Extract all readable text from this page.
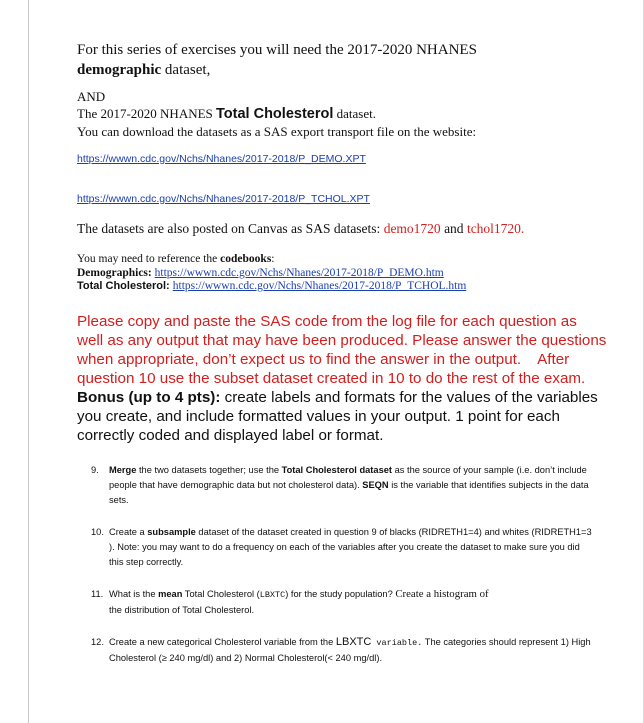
For this series of exercises you will need the 2017-2020 NHANES
demographic dataset,
AND
The 2017-2020 NHANES Total Cholesterol dataset.
You can download the datasets as a SAS export transport file on the website:
https://wwwn.cdc.gov/Nchs/Nhanes/2017-2018/P_DEMO.XPT
https://wwwn.cdc.gov/Nchs/Nhanes/2017-2018/P_TCHOL.XPT
The datasets are also posted on Canvas as SAS datasets: demo1720 and tchol1720.
You may need to reference the codebooks:
Demographics: https://wwwn.cdc.gov/Nchs/Nhanes/2017-2018/P_DEMO.htm
Total Cholesterol: https://wwwn.cdc.gov/Nchs/Nhanes/2017-2018/P_TCHOL.htm
Please copy and paste the SAS code from the log file for each question as well as any output that may have been produced. Please answer the questions when appropriate, don’t expect us to find the answer in the output.    After question 10 use the subset dataset created in 10 to do the rest of the exam. Bonus (up to 4 pts): create labels and formats for the values of the variables you create, and include formatted values in your output. 1 point for each correctly coded and displayed label or format.
9.	Merge the two datasets together; use the Total Cholesterol dataset as the source of your sample (i.e. don’t include people that have demographic data but not cholesterol data). SEQN is the variable that identifies subjects in the data sets.
10. Create a subsample dataset of the dataset created in question 9 of blacks (RIDRETH1=4) and whites (RIDRETH1=3 ). Note: you may want to do a frequency on each of the variables after you create the dataset to make sure you did this step correctly.
11. What is the mean Total Cholesterol (LBXTC) for the study population? Create a histogram of
the distribution of Total Cholesterol.
12. Create a new categorical Cholesterol variable from the LBXTC variable. The categories should represent 1) High Cholesterol (≥ 240 mg/dl) and 2) Normal Cholesterol(< 240 mg/dl).
